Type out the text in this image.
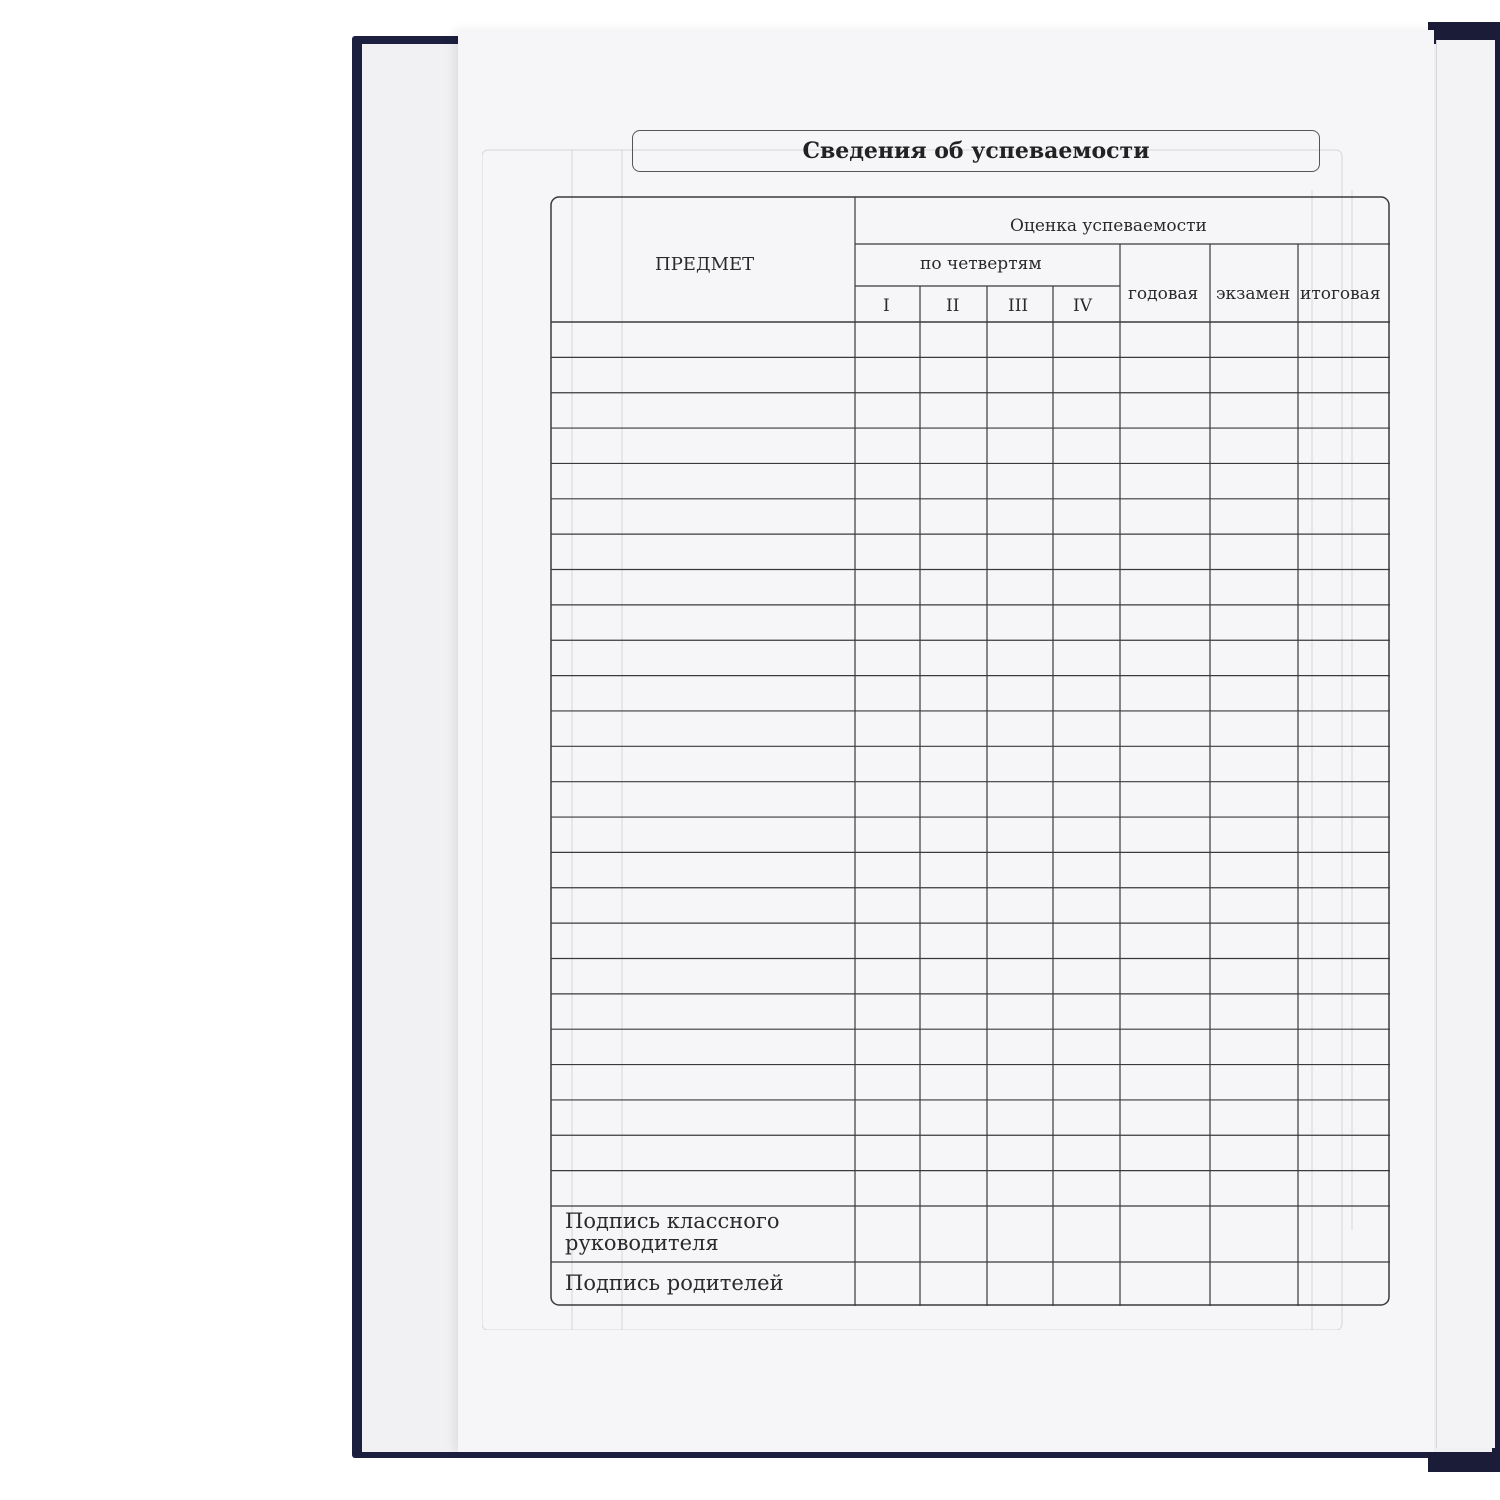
Сведения об успеваемости
ПРЕДМЕТ
Оценка успеваемости
по четвертям
I	II	III	IV
годовая экзамен итоговая
Подпись классного руководителя
Подпись родителей
